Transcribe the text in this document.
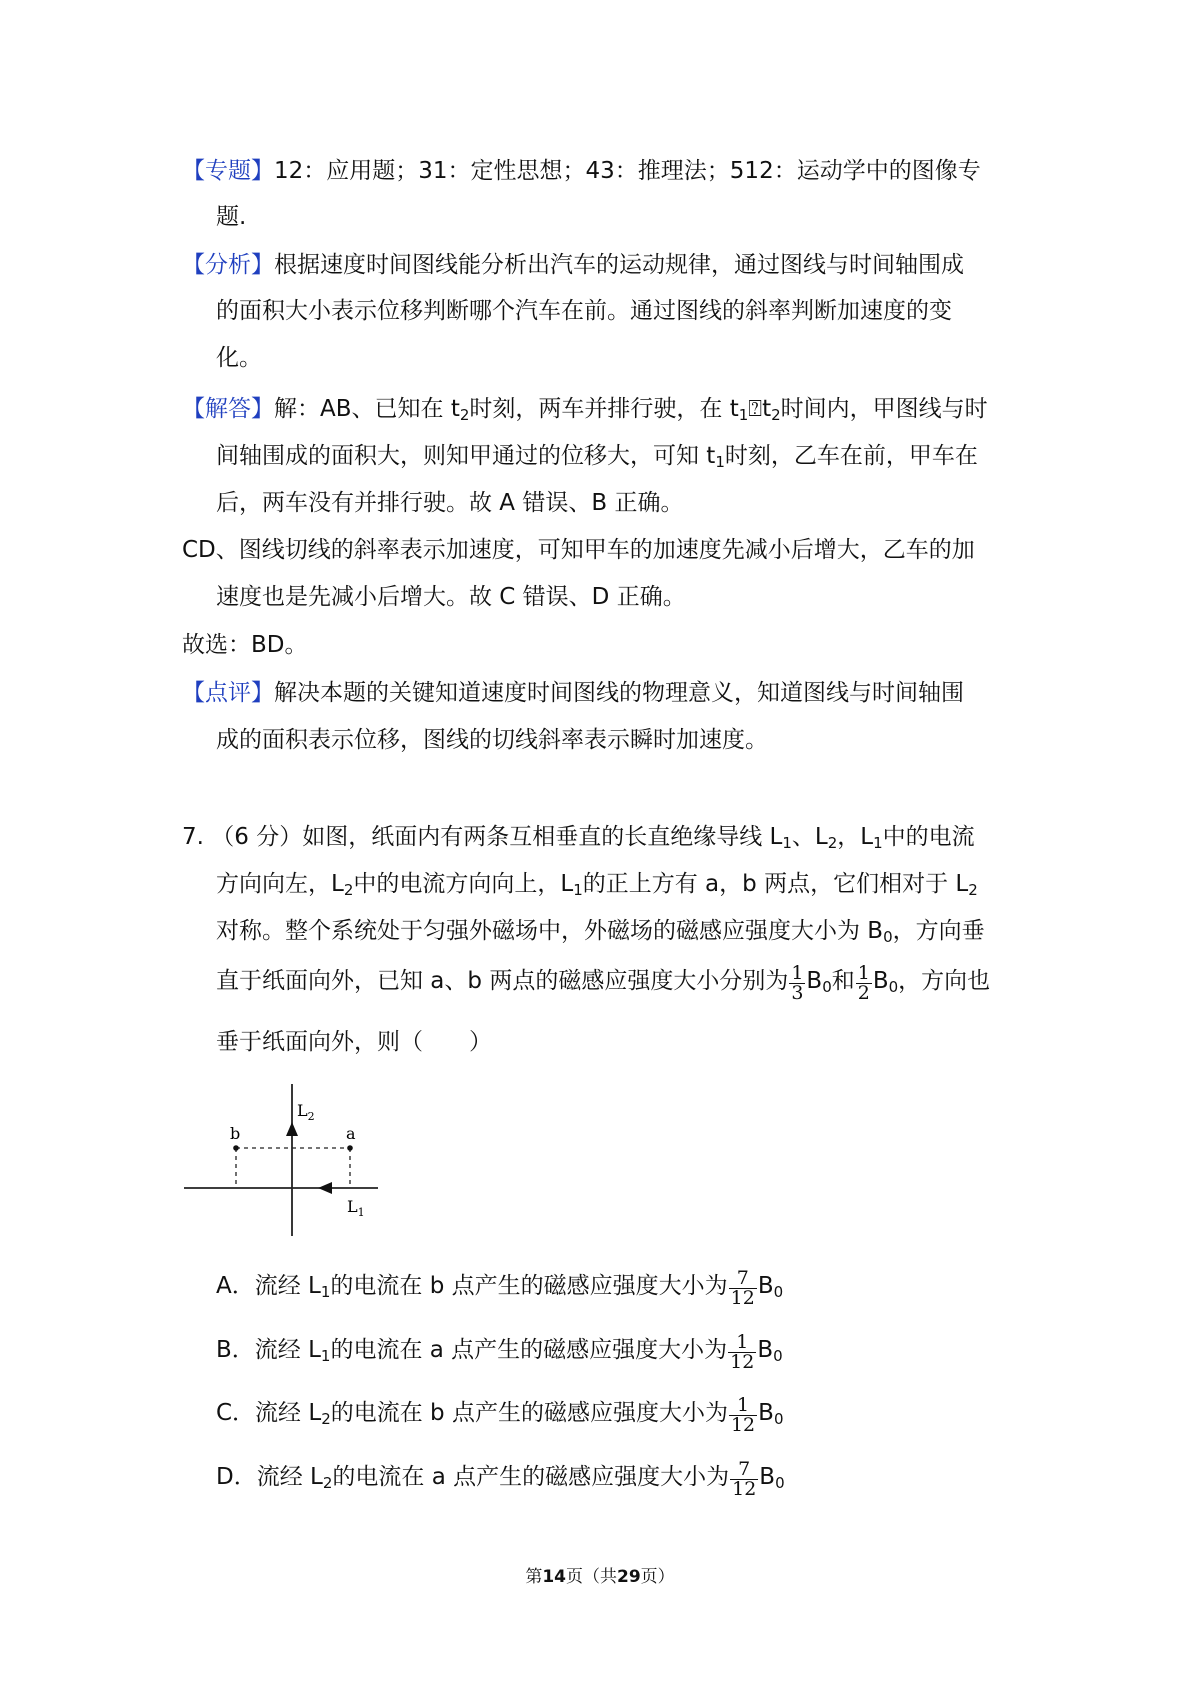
【专题】12：应用题；31：定性思想；43：推理法；512：运动学中的图像专
题.
【分析】根据速度时间图线能分析出汽车的运动规律，通过图线与时间轴围成
的面积大小表示位移判断哪个汽车在前。通过图线的斜率判断加速度的变
化。
【解答】解：AB、已知在 $t_2$时刻，两车并排行驶，在 $t_1⍰t_2$时间内，甲图线与时
间轴围成的面积大，则知甲通过的位移大，可知 $t_1$时刻，乙车在前，甲车在
后，两车没有并排行驶。故 A 错误、B 正确。
CD、图线切线的斜率表示加速度，可知甲车的加速度先减小后增大，乙车的加
速度也是先减小后增大。故 C 错误、D 正确。
故选：BD。
【点评】解决本题的关键知道速度时间图线的物理意义，知道图线与时间轴围
成的面积表示位移，图线的切线斜率表示瞬时加速度。
7. （6 分）如图，纸面内有两条互相垂直的长直绝缘导线 $L_1$、$L_2$，$L_1$中的电流
方向向左，$L_2$中的电流方向向上，$L_1$的正上方有 a，b 两点，它们相对于 $L_2$
对称。整个系统处于匀强外磁场中，外磁场的磁感应强度大小为 $B_0$，方向垂
直于纸面向外，已知 a、b 两点的磁感应强度大小分别为 $\frac{1}{3} B_0$和 $\frac{1}{2} B_0$，方向也
垂于纸面向外，则（　　）
b	a
$L_2$
$L_1$
A．流经 $L_1$的电流在 b 点产生的磁感应强度大小为 $\frac{7}{12} B_0$
B．流经 $L_1$的电流在 a 点产生的磁感应强度大小为 $\frac{1}{12} B_0$
C．流经 $L_2$的电流在 b 点产生的磁感应强度大小为 $\frac{1}{12} B_0$
D．流经 $L_2$的电流在 a 点产生的磁感应强度大小为 $\frac{7}{12} B_0$
第14页（共29页）
